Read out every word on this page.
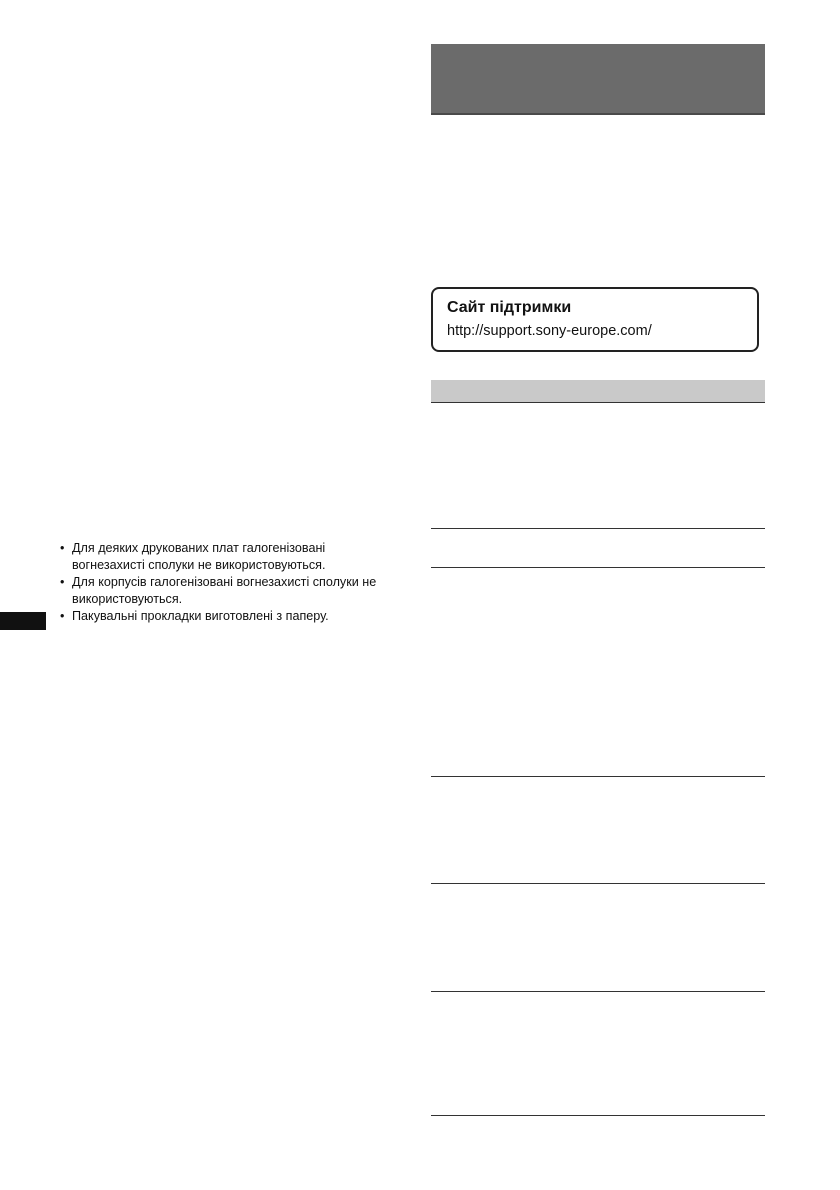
Сайт підтримки

http://support.sony-europe.com/
• Для деяких друкованих плат галогенізовані вогнезахисті сполуки не використовуються.
• Для корпусів галогенізовані вогнезахисті сполуки не використовуються.
• Пакувальні прокладки виготовлені з паперу.
